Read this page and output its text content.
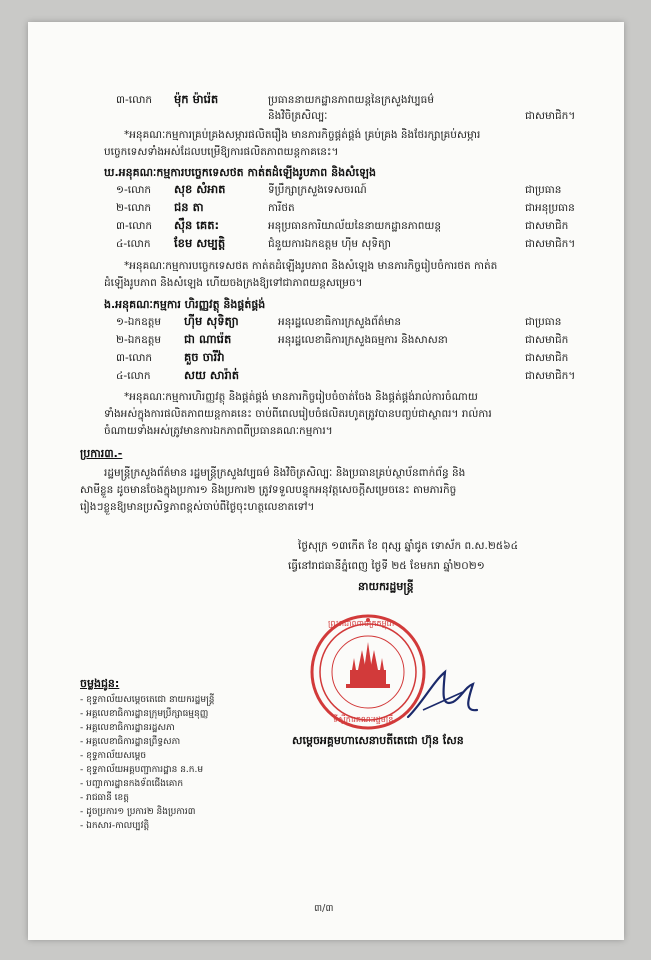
៣-លោក ម៉ុក ម៉ារ៉េត	ប្រធាននាយកដ្ឋានភាពយន្តនៃក្រសួងវប្បធម៌
និងវិចិត្រសិល្បៈ	ជាសមាជិក។
*អនុគណៈកម្មការគ្រប់គ្រងសម្ភារផលិតរឿង មានភារកិច្ចផ្គត់ផ្គង់ គ្រប់គ្រង និងថែរក្សាគ្រប់សម្ភារ
បច្ចេកទេសទាំងអស់ដែលបម្រើឱ្យការផលិតភាពយន្តកាគនេះ។
ឃ.អនុគណៈកម្មការបច្ចេកទេសថត កាត់តដំឡើងរូបភាព និងសំឡេង
១-លោក សុខ សំអាត	ទីប្រឹក្សាក្រសួងទេសចរណ៍	ជាប្រធាន
២-លោក ជន តា	ការីថត	ជាអនុប្រធាន
៣-លោក ស៊ឹន គេត:	អនុប្រធានការិយាល័យនៃនាយកដ្ឋានភាពយន្ត	ជាសមាជិក
៤-លោក ខែម សម្បត្តិ	ជំនួយការឯកឧត្តម ហ៊ីម សុទិត្យា	ជាសមាជិក។
*អនុគណៈកម្មការបច្ចេកទេសថត កាត់តដំឡើងរូបភាព និងសំឡេង មានភារកិច្ចរៀបចំការថត កាត់ត
ដំឡើងរូបភាព និងសំឡេង ហើយចងក្រងឱ្យទៅជាភាពយន្តសម្រេច។
ង.អនុគណៈកម្មការ ហិរញ្ញវត្ថុ និងផ្គត់ផ្គង់
១-ឯកឧត្តម ហ៊ីម សុទិត្យា	អនុរដ្ឋលេខាធិការក្រសួងព័ត៌មាន	ជាប្រធាន
២-ឯកឧត្តម ជា ណារ៉េត	អនុរដ្ឋលេខាធិការក្រសួងធម្មការ និងសាសនា	ជាសមាជិក
៣-លោក	គួច ចារីវ៉ា	ជាសមាជិក
៤-លោក	សយ សារ៉ាត់	ជាសមាជិក។
*អនុគណៈកម្មការហិរញ្ញវត្ថុ និងផ្គត់ផ្គង់ មានភារកិច្ចរៀបចំចាត់ចែង និងផ្គត់ផ្គង់រាល់ការចំណាយ
ទាំងអស់ក្នុងការផលិតភាពយន្តកាគនេះ ចាប់ពីពេលរៀបចំផលិតរហូតត្រូវបានបញ្ចប់ជាស្ថាពរ។ រាល់ការ
ចំណាយទាំងអស់ត្រូវមានការឯកភាពពីប្រធានគណៈកម្មការ។
ប្រការ៣.-
រដ្ឋមន្ត្រីក្រសួងព័ត៌មាន រដ្ឋមន្ត្រីក្រសួងវប្បធម៌ និងវិចិត្រសិល្បៈ និងប្រធានគ្រប់ស្ថាប័នពាក់ព័ន្ធ និង
សាមីខ្លួន ដូចមានចែងក្នុងប្រការ១ និងប្រការ២ ត្រូវទទួលបន្ទុកអនុវត្តសេចក្តីសម្រេចនេះ តាមភារកិច្ច
រៀងៗខ្លួនឱ្យមានប្រសិទ្ធភាពខ្ពស់ចាប់ពីថ្ងៃចុះហត្ថលេខាតទៅ។
ថ្ងៃសុក្រ ១៣កើត ខែ ពុស្ស ឆ្នាំជូត ទោស័ក ព.ស.២៥៦៤
ធ្វើនៅរាជធានីភ្នំពេញ ថ្ងៃទី ២៥ ខែមករា ឆ្នាំ២០២១
នាយករដ្ឋមន្ត្រី
ព្រះរាជាណាចក្រកម្ពុជា
ទីស្តីការគណៈរដ្ឋមន្ត្រី
សម្តេចអគ្គមហាសេនាបតីតេជោ ហ៊ុន សែន
ចម្លងជូន:
- ខុទ្ទកាល័យសម្តេចតេជោ នាយករដ្ឋមន្ត្រី
- អគ្គលេខាធិការដ្ឋានក្រុមប្រឹក្សាធម្មនុញ្ញ
- អគ្គលេខាធិការដ្ឋានរដ្ឋសភា
- អគ្គលេខាធិការដ្ឋានព្រឹទ្ធសភា
- ខុទ្ទកាល័យសម្តេច
- ខុទ្ទកាល័យអគ្គបញ្ជាការដ្ឋាន ន.ក.ម
- បញ្ជាការដ្ឋានកងទ័ពជើងគោក
- រាជធានី ខេត្ត
- ដូចប្រការ១ ប្រការ២ និងប្រការ៣
- ឯកសារ-កាលប្បវត្តិ
៣/៣
